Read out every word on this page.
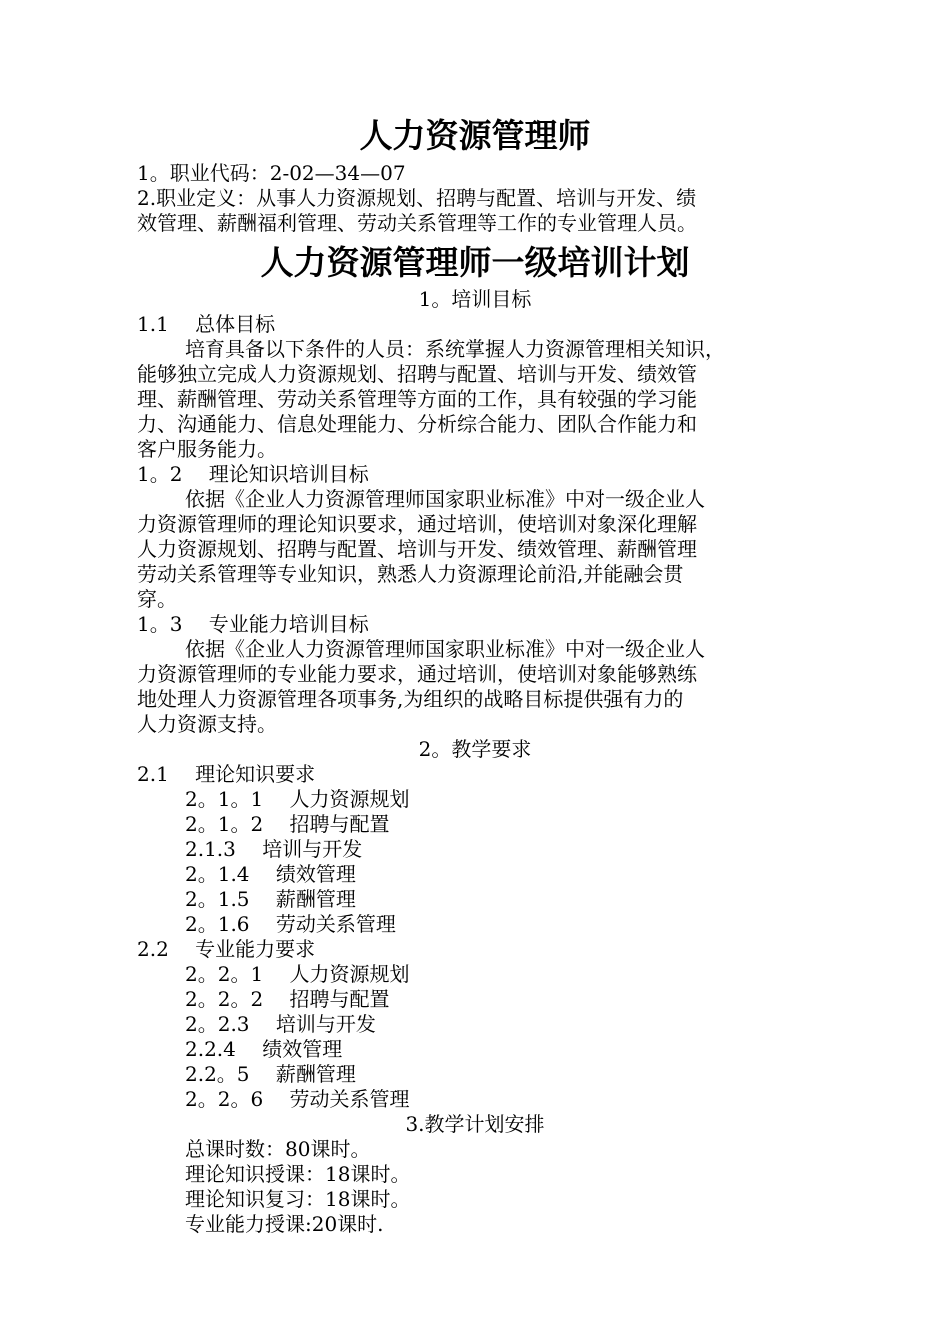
人力资源管理师
1。职业代码：2-02—34—07
2.职业定义：从事人力资源规划、招聘与配置、培训与开发、绩
效管理、薪酬福利管理、劳动关系管理等工作的专业管理人员。
人力资源管理师一级培训计划
1。培训目标
1.1　 总体目标
培育具备以下条件的人员：系统掌握人力资源管理相关知识，
能够独立完成人力资源规划、招聘与配置、培训与开发、绩效管
理、薪酬管理、劳动关系管理等方面的工作，具有较强的学习能
力、沟通能力、信息处理能力、分析综合能力、团队合作能力和
客户服务能力。
1。2　 理论知识培训目标
依据《企业人力资源管理师国家职业标准》中对一级企业人
力资源管理师的理论知识要求，通过培训，使培训对象深化理解
人力资源规划、招聘与配置、培训与开发、绩效管理、薪酬管理
劳动关系管理等专业知识，熟悉人力资源理论前沿,并能融会贯
穿。
1。3　 专业能力培训目标
依据《企业人力资源管理师国家职业标准》中对一级企业人
力资源管理师的专业能力要求，通过培训，使培训对象能够熟练
地处理人力资源管理各项事务,为组织的战略目标提供强有力的
人力资源支持。
2。教学要求
2.1　 理论知识要求
2。1。1　 人力资源规划
2。1。2　 招聘与配置
2.1.3　 培训与开发
2。1.4　 绩效管理
2。1.5　 薪酬管理
2。1.6　 劳动关系管理
2.2　 专业能力要求
2。2。1　 人力资源规划
2。2。2　 招聘与配置
2。2.3　 培训与开发
2.2.4　 绩效管理
2.2。5　 薪酬管理
2。2。6　 劳动关系管理
3.教学计划安排
总课时数：80课时。
理论知识授课：18课时。
理论知识复习：18课时。
专业能力授课:20课时.
